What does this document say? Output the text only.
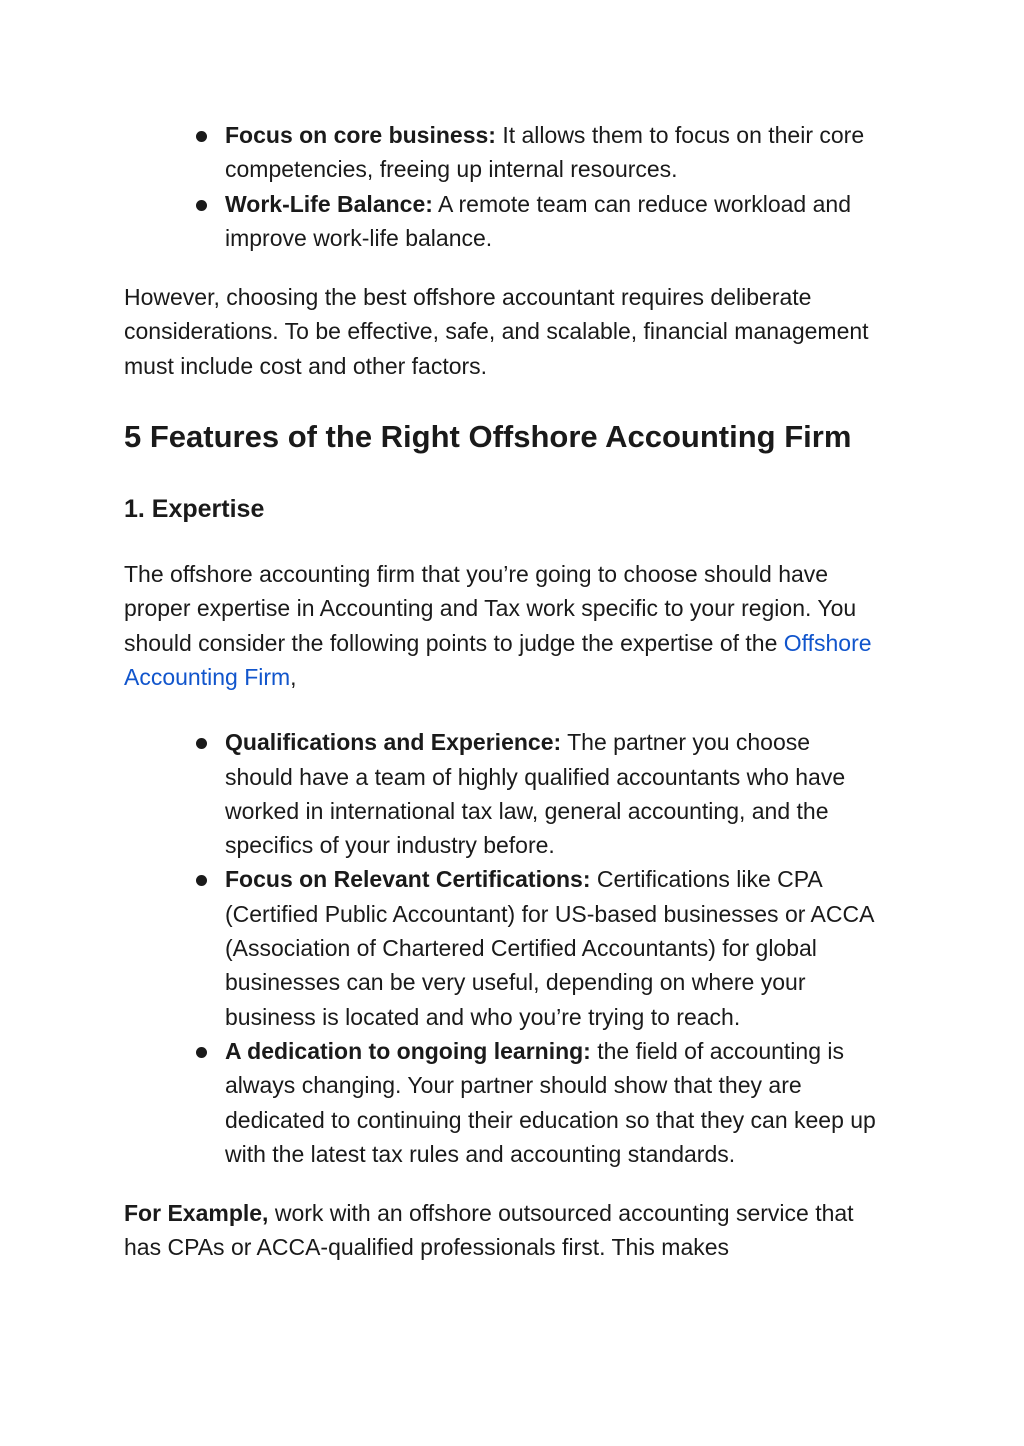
Focus on core business: It allows them to focus on their core competencies, freeing up internal resources.
Work-Life Balance: A remote team can reduce workload and improve work-life balance.

However, choosing the best offshore accountant requires deliberate considerations. To be effective, safe, and scalable, financial management must include cost and other factors.

5 Features of the Right Offshore Accounting Firm
1. Expertise

The offshore accounting firm that you’re going to choose should have proper expertise in Accounting and Tax work specific to your region. You should consider the following points to judge the expertise of the Offshore Accounting Firm,

Qualifications and Experience: The partner you choose should have a team of highly qualified accountants who have worked in international tax law, general accounting, and the specifics of your industry before.
Focus on Relevant Certifications: Certifications like CPA (Certified Public Accountant) for US-based businesses or ACCA (Association of Chartered Certified Accountants) for global businesses can be very useful, depending on where your business is located and who you’re trying to reach.
A dedication to ongoing learning: the field of accounting is always changing. Your partner should show that they are dedicated to continuing their education so that they can keep up with the latest tax rules and accounting standards.

For Example, work with an offshore outsourced accounting service that has CPAs or ACCA-qualified professionals first. This makes
